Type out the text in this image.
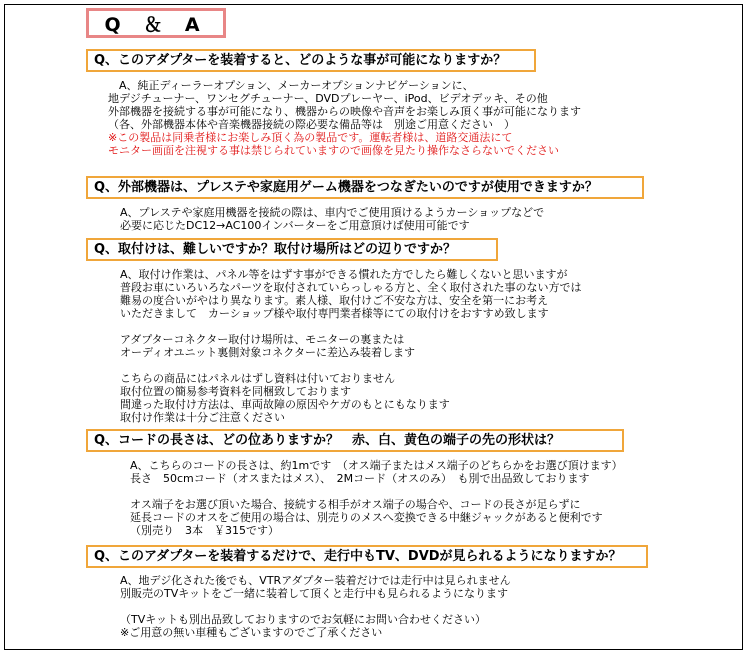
Q ＆ A
Q、このアダプターを装着すると、どのような事が可能になりますか？
　A、純正ディーラーオプション、メーカーオプションナビゲーションに、
地デジチューナー、ワンセグチューナー、DVDプレーヤー、iPod、ビデオデッキ、その他
外部機器を接続する事が可能になり、機器からの映像や音声をお楽しみ頂く事が可能になります
（各、外部機器本体や音楽機器接続の際必要な備品等は　別途ご用意ください　）
※この製品は同乗者様にお楽しみ頂く為の製品です。運転者様は、道路交通法にて
モニター画面を注視する事は禁じられていますので画像を見たり操作なさらないでください
Q、外部機器は、プレステや家庭用ゲーム機器をつなぎたいのですが使用できますか？
A、プレステや家庭用機器を接続の際は、車内でご使用頂けるようカーショップなどで
必要に応じたDC12→AC100インバーターをご用意頂けば使用可能です
Q、取付けは、難しいですか？取付け場所はどの辺りですか？
A、取付け作業は、パネル等をはずす事ができる慣れた方でしたら難しくないと思いますが
普段お車にいろいろなパーツを取付されていらっしゃる方と、全く取付された事のない方では
難易の度合いがやはり異なります。素人様、取付けご不安な方は、安全を第一にお考え
いただきまして　カーショップ様や取付専門業者様等にての取付けをおすすめ致します
アダプターコネクター取付け場所は、モニターの裏または
オーディオユニット裏側対象コネクターに差込み装着します
こちらの商品にはパネルはずし資料は付いておりません
取付位置の簡易参考資料を同梱致しております
間違った取付け方法は、車両故障の原因やケガのもとにもなります
取付け作業は十分ご注意ください
Q、コードの長さは、どの位ありますか？　赤、白、黄色の端子の先の形状は？
A、こちらのコードの長さは、約1mです　（オス端子またはメス端子のどちらかをお選び頂けます）
長さ　50cmコード（オスまたはメス）、　2Mコード（オスのみ）　も別で出品致しております
オス端子をお選び頂いた場合、接続する相手がオス端子の場合や、コードの長さが足らずに
延長コードのオスをご使用の場合は、別売りのメスへ変換できる中継ジャックがあると便利です
（別売り　3本　￥315です）
Q、このアダプターを装着するだけで、走行中もTV、DVDが見られるようになりますか？
A、地デジ化された後でも、VTRアダプター装着だけでは走行中は見られません
別販売のTVキットをご一緒に装着して頂くと走行中も見られるようになります
（TVキットも別出品致しておりますのでお気軽にお問い合わせください）
※ご用意の無い車種もございますのでご了承ください
